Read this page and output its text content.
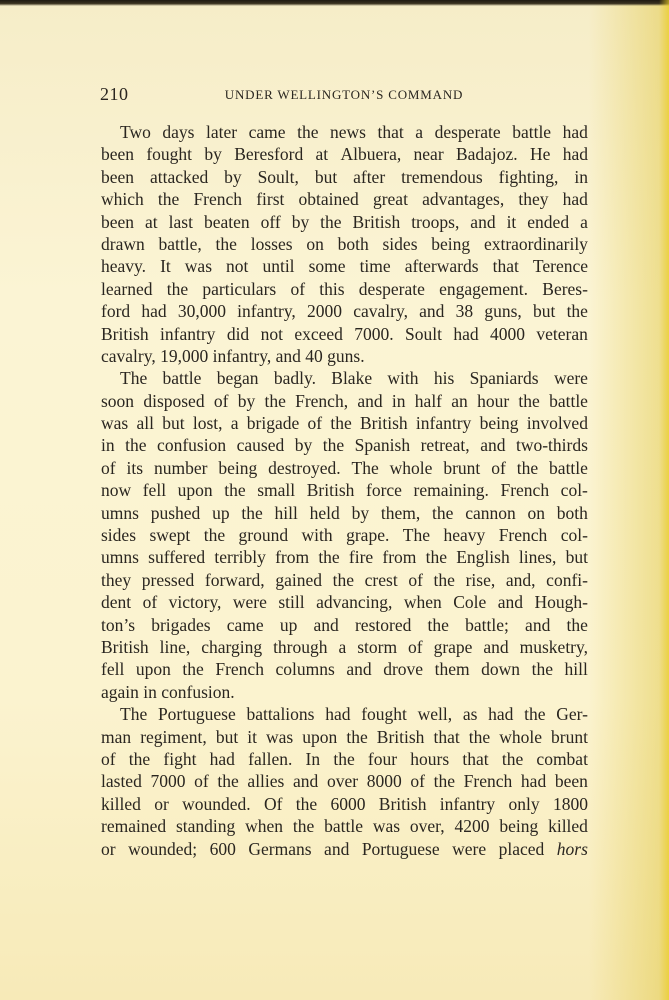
210	UNDER WELLINGTON’S COMMAND
Two days later came the news that a desperate battle had
been fought by Beresford at Albuera, near Badajoz. He had
been attacked by Soult, but after tremendous fighting, in
which the French first obtained great advantages, they had
been at last beaten off by the British troops, and it ended a
drawn battle, the losses on both sides being extraordinarily
heavy. It was not until some time afterwards that Terence
learned the particulars of this desperate engagement. Beres-
ford had 30,000 infantry, 2000 cavalry, and 38 guns, but the
British infantry did not exceed 7000. Soult had 4000 veteran
cavalry, 19,000 infantry, and 40 guns.
The battle began badly. Blake with his Spaniards were
soon disposed of by the French, and in half an hour the battle
was all but lost, a brigade of the British infantry being involved
in the confusion caused by the Spanish retreat, and two-thirds
of its number being destroyed. The whole brunt of the battle
now fell upon the small British force remaining. French col-
umns pushed up the hill held by them, the cannon on both
sides swept the ground with grape. The heavy French col-
umns suffered terribly from the fire from the English lines, but
they pressed forward, gained the crest of the rise, and, confi-
dent of victory, were still advancing, when Cole and Hough-
ton’s brigades came up and restored the battle; and the
British line, charging through a storm of grape and musketry,
fell upon the French columns and drove them down the hill
again in confusion.
The Portuguese battalions had fought well, as had the Ger-
man regiment, but it was upon the British that the whole brunt
of the fight had fallen. In the four hours that the combat
lasted 7000 of the allies and over 8000 of the French had been
killed or wounded. Of the 6000 British infantry only 1800
remained standing when the battle was over, 4200 being killed
or wounded; 600 Germans and Portuguese were placed hors
